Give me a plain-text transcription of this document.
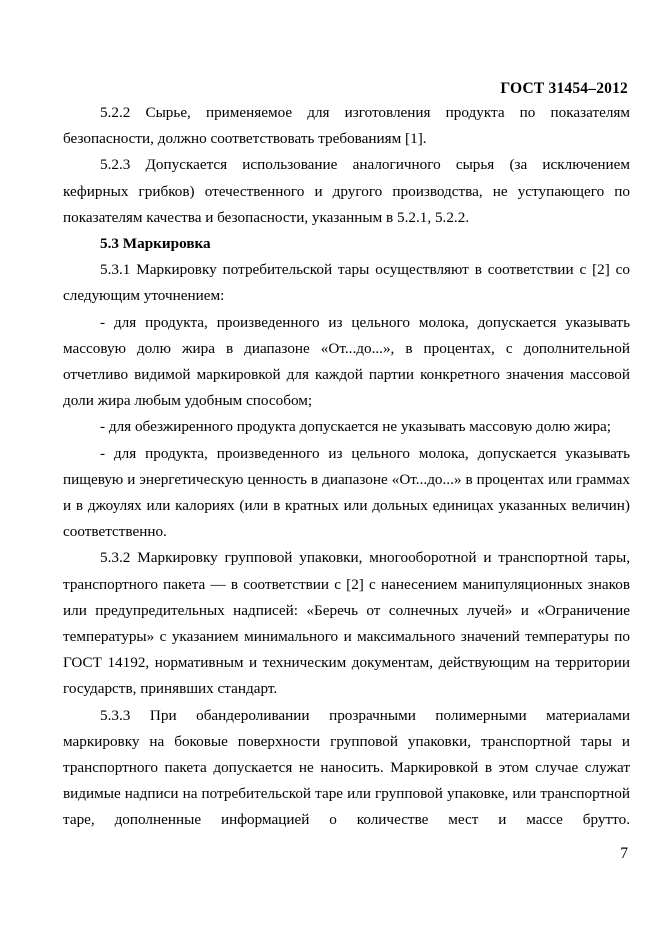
ГОСТ 31454–2012

5.2.2 Сырье, применяемое для изготовления продукта по показателям безопасности, должно соответствовать требованиям [1].

5.2.3 Допускается использование аналогичного сырья (за исключением кефирных грибков) отечественного и другого производства, не уступающего по показателям качества и безопасности, указанным в 5.2.1, 5.2.2.

5.3 Маркировка

5.3.1 Маркировку потребительской тары осуществляют в соответствии с [2] со следующим уточнением:

- для продукта, произведенного из цельного молока, допускается указывать массовую долю жира в диапазоне «От...до...», в процентах, с дополнительной отчетливо видимой маркировкой для каждой партии конкретного значения массовой доли жира любым удобным способом;

- для обезжиренного продукта допускается не указывать массовую долю жира;

- для продукта, произведенного из цельного молока, допускается указывать пищевую и энергетическую ценность в диапазоне «От...до...» в процентах или граммах и в джоулях или калориях (или в кратных или дольных единицах указанных величин) соответственно.

5.3.2 Маркировку групповой упаковки, многооборотной и транспортной тары, транспортного пакета — в соответствии с [2] с нанесением манипуляционных знаков или предупредительных надписей: «Беречь от солнечных лучей» и «Ограничение температуры» с указанием минимального и максимального значений температуры по ГОСТ 14192, нормативным и техническим документам, действующим на территории государств, принявших стандарт.

5.3.3 При обандероливании прозрачными полимерными материалами маркировку на боковые поверхности групповой упаковки, транспортной тары и транспортного пакета допускается не наносить. Маркировкой в этом случае служат видимые надписи на потребительской таре или групповой упаковке, или транспортной таре, дополненные информацией о количестве мест и массе брутто.

7
